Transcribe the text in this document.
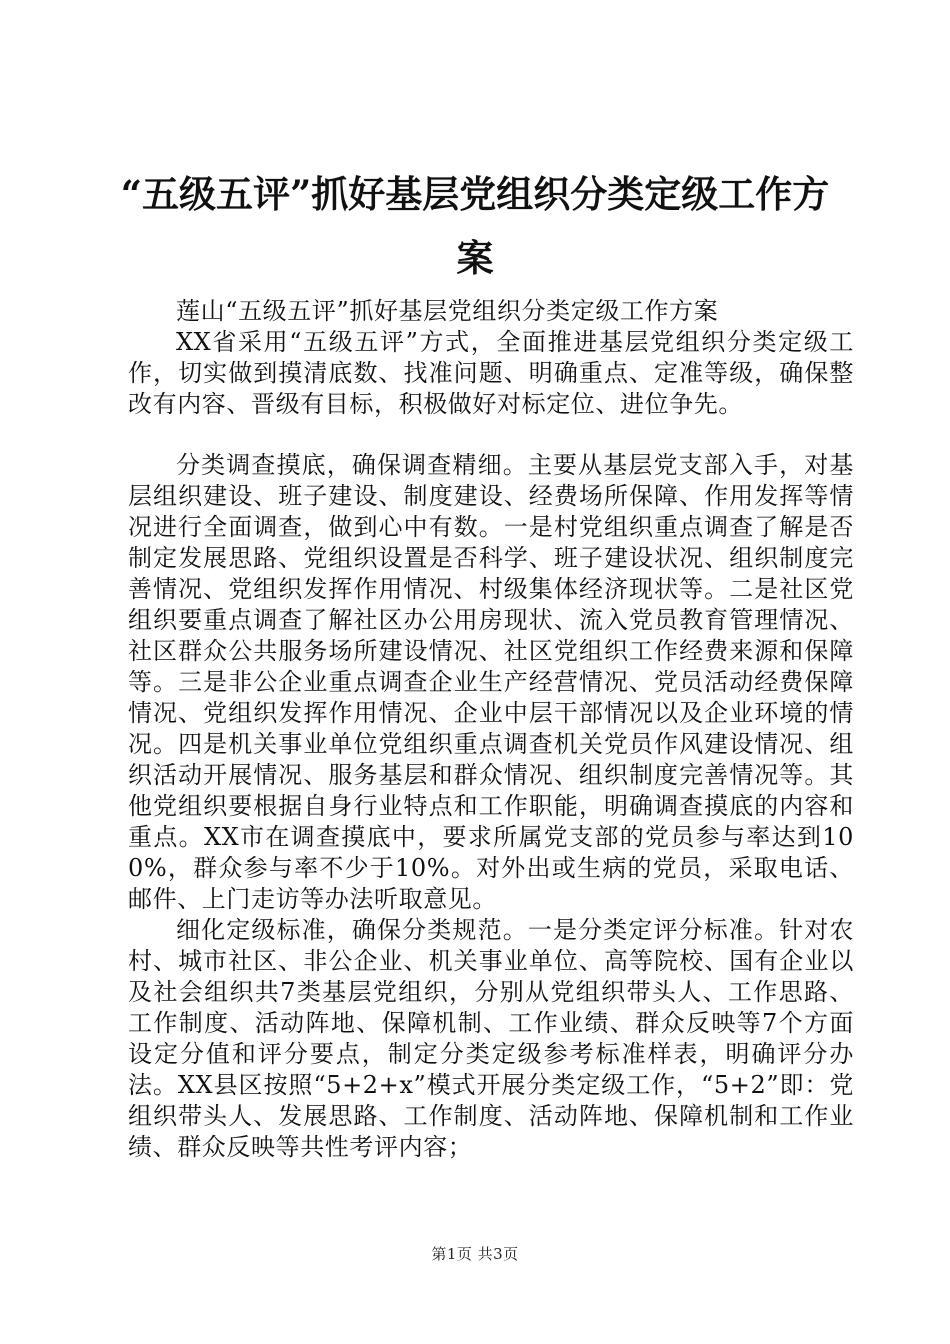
“五级五评”抓好基层党组织分类定级工作方案

莲山“五级五评”抓好基层党组织分类定级工作方案

XX省采用“五级五评”方式，全面推进基层党组织分类定级工作，切实做到摸清底数、找准问题、明确重点、定准等级，确保整改有内容、晋级有目标，积极做好对标定位、进位争先。

分类调查摸底，确保调查精细。主要从基层党支部入手，对基层组织建设、班子建设、制度建设、经费场所保障、作用发挥等情况进行全面调查，做到心中有数。一是村党组织重点调查了解是否制定发展思路、党组织设置是否科学、班子建设状况、组织制度完善情况、党组织发挥作用情况、村级集体经济现状等。二是社区党组织要重点调查了解社区办公用房现状、流入党员教育管理情况、社区群众公共服务场所建设情况、社区党组织工作经费来源和保障等。三是非公企业重点调查企业生产经营情况、党员活动经费保障情况、党组织发挥作用情况、企业中层干部情况以及企业环境的情况。四是机关事业单位党组织重点调查机关党员作风建设情况、组织活动开展情况、服务基层和群众情况、组织制度完善情况等。其他党组织要根据自身行业特点和工作职能，明确调查摸底的内容和重点。XX市在调查摸底中，要求所属党支部的党员参与率达到100%，群众参与率不少于10%。对外出或生病的党员，采取电话、邮件、上门走访等办法听取意见。

细化定级标准，确保分类规范。一是分类定评分标准。针对农村、城市社区、非公企业、机关事业单位、高等院校、国有企业以及社会组织共7类基层党组织，分别从党组织带头人、工作思路、工作制度、活动阵地、保障机制、工作业绩、群众反映等7个方面设定分值和评分要点，制定分类定级参考标准样表，明确评分办法。XX县区按照“5+2+x”模式开展分类定级工作，“5+2”即：党组织带头人、发展思路、工作制度、活动阵地、保障机制和工作业绩、群众反映等共性考评内容；

第1页 共3页
